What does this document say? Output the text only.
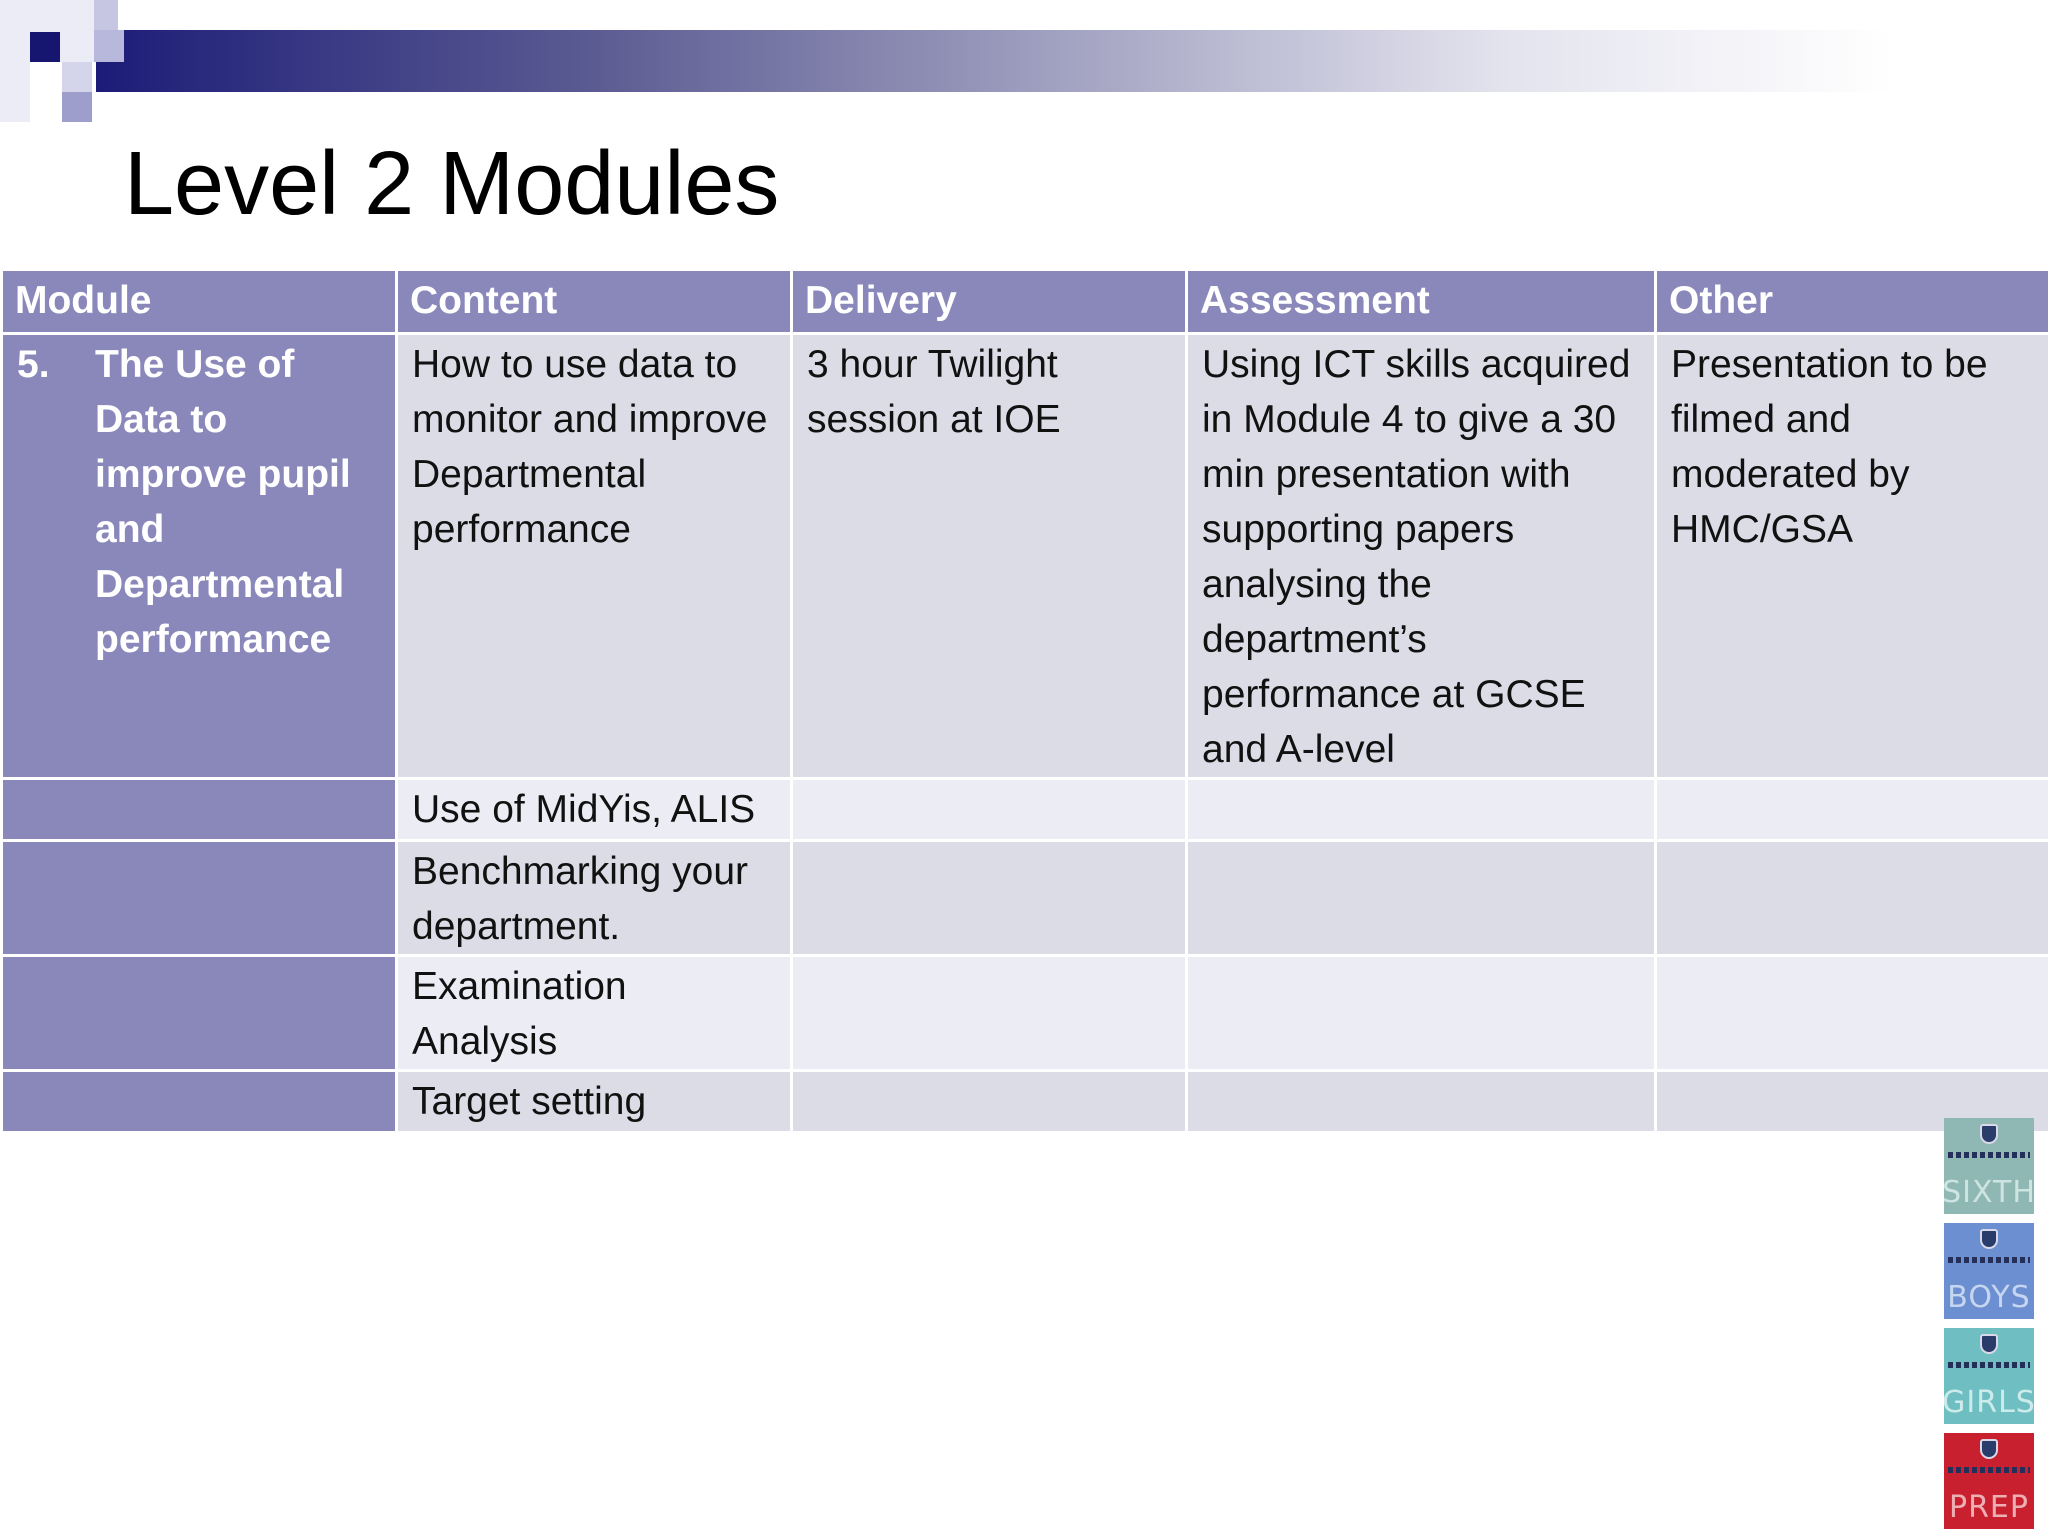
Level 2 Modules
Module	Content	Delivery	Assessment	Other

5. The Use of Data to improve pupil and Departmental performance	How to use data to monitor and improve Departmental performance	3 hour Twilight session at IOE	Using ICT skills acquired in Module 4 to give a 30 min presentation with supporting papers analysing the department’s performance at GCSE and A-level	Presentation to be filmed and moderated by HMC/GSA
	Use of MidYis, ALIS			
	Benchmarking your department.			
	Examination Analysis			
	Target setting			
SIXTH
BOYS
GIRLS
PREP
